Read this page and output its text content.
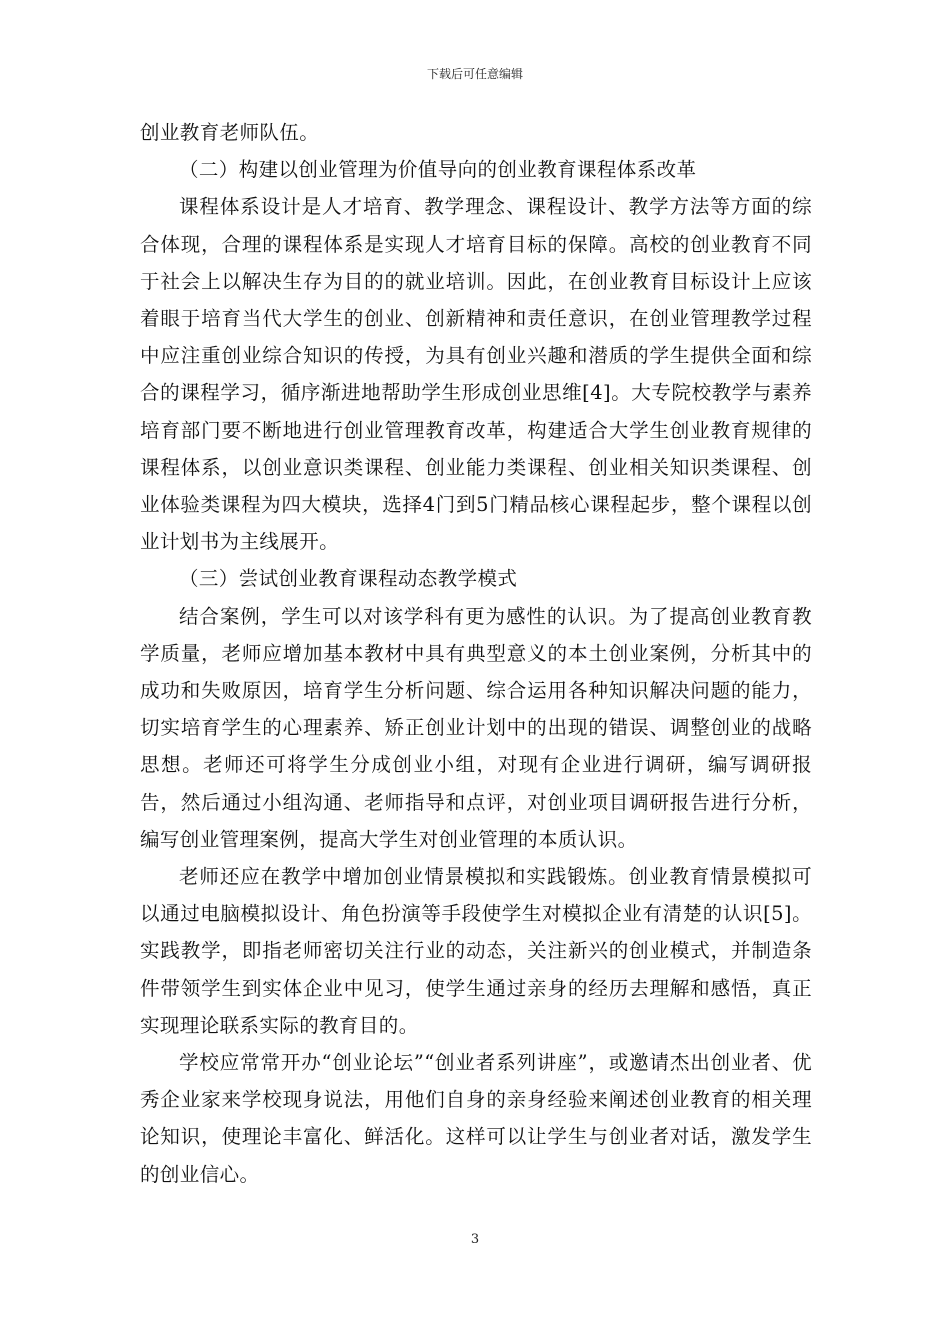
下载后可任意编辑

创业教育老师队伍。

（二）构建以创业管理为价值导向的创业教育课程体系改革

课程体系设计是人才培育、教学理念、课程设计、教学方法等方面的综合体现，合理的课程体系是实现人才培育目标的保障。高校的创业教育不同于社会上以解决生存为目的的就业培训。因此，在创业教育目标设计上应该着眼于培育当代大学生的创业、创新精神和责任意识，在创业管理教学过程中应注重创业综合知识的传授，为具有创业兴趣和潜质的学生提供全面和综合的课程学习，循序渐进地帮助学生形成创业思维[4]。大专院校教学与素养培育部门要不断地进行创业管理教育改革，构建适合大学生创业教育规律的课程体系，以创业意识类课程、创业能力类课程、创业相关知识类课程、创业体验类课程为四大模块，选择4门到5门精品核心课程起步，整个课程以创业计划书为主线展开。

（三）尝试创业教育课程动态教学模式

结合案例，学生可以对该学科有更为感性的认识。为了提高创业教育教学质量，老师应增加基本教材中具有典型意义的本土创业案例，分析其中的成功和失败原因，培育学生分析问题、综合运用各种知识解决问题的能力，切实培育学生的心理素养、矫正创业计划中的出现的错误、调整创业的战略思想。老师还可将学生分成创业小组，对现有企业进行调研，编写调研报告，然后通过小组沟通、老师指导和点评，对创业项目调研报告进行分析，编写创业管理案例，提高大学生对创业管理的本质认识。

老师还应在教学中增加创业情景模拟和实践锻炼。创业教育情景模拟可以通过电脑模拟设计、角色扮演等手段使学生对模拟企业有清楚的认识[5]。实践教学，即指老师密切关注行业的动态，关注新兴的创业模式，并制造条件带领学生到实体企业中见习，使学生通过亲身的经历去理解和感悟，真正实现理论联系实际的教育目的。

学校应常常开办“创业论坛”“创业者系列讲座”，或邀请杰出创业者、优秀企业家来学校现身说法，用他们自身的亲身经验来阐述创业教育的相关理论知识，使理论丰富化、鲜活化。这样可以让学生与创业者对话，激发学生的创业信心。

3
